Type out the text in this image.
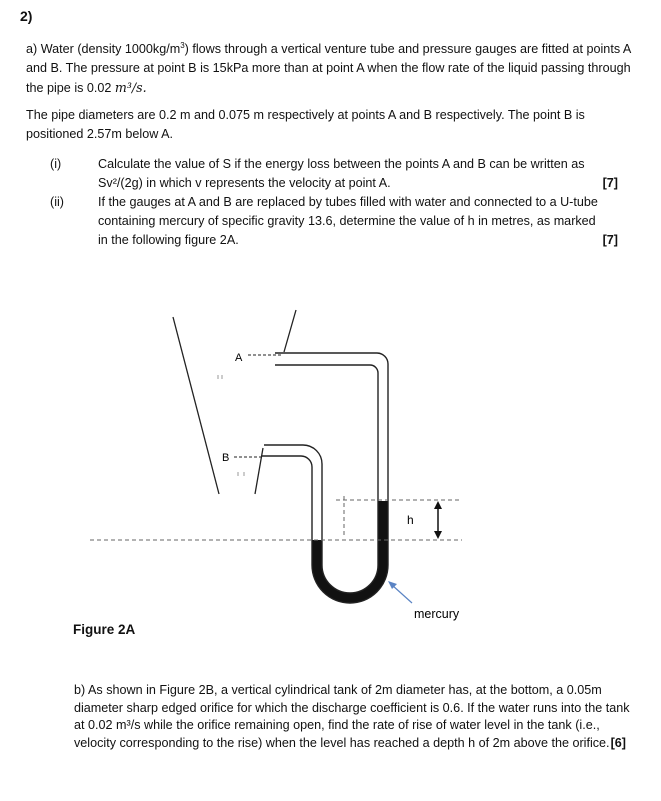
2)
a) Water (density $1000kg/m^3$) flows through a vertical venture tube and pressure gauges are fitted at points A and B. The pressure at point B is 15kPa more than at point A when the flow rate of the liquid passing through the pipe is 0.02 m³/s.
The pipe diameters are 0.2 m and 0.075 m respectively at points A and B respectively. The point B is positioned 2.57m below A.
(i)	Calculate the value of S if the energy loss between the points A and B can be written as
Sv²/(2g) in which v represents the velocity at point A.	[7]
(ii)	If the gauges at A and B are replaced by tubes filled with water and connected to a U-tube
containing mercury of specific gravity 13.6, determine the value of h in metres, as marked
in the following figure 2A.	[7]
A
B
h
mercury
Figure 2A
b) As shown in Figure 2B, a vertical cylindrical tank of 2m diameter has, at the bottom, a 0.05m diameter sharp edged orifice for which the discharge coefficient is 0.6. If the water runs into the tank at 0.02 m³/s while the orifice remaining open, find the rate of rise of water level in the tank (i.e., velocity corresponding to the rise) when the level has reached a depth h of 2m above the orifice. [6]
